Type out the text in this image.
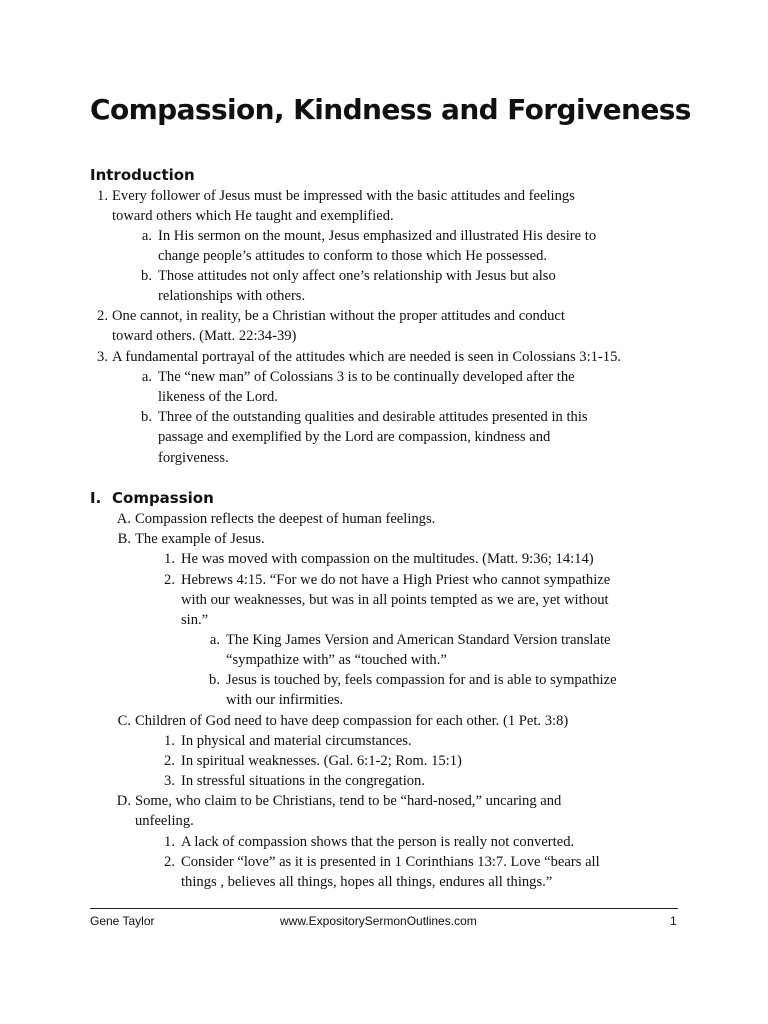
Compassion, Kindness and Forgiveness
Introduction

1. Every follower of Jesus must be impressed with the basic attitudes and feelings

toward others which He taught and exemplified.

a. In His sermon on the mount, Jesus emphasized and illustrated His desire to

change people’s attitudes to conform to those which He possessed.

b. Those attitudes not only affect one’s relationship with Jesus but also

relationships with others.

2. One cannot, in reality, be a Christian without the proper attitudes and conduct

toward others. (Matt. 22:34-39)

3. A fundamental portrayal of the attitudes which are needed is seen in Colossians 3:1-15.

a. The “new man” of Colossians 3 is to be continually developed after the

likeness of the Lord.

b. Three of the outstanding qualities and desirable attitudes presented in this

passage and exemplified by the Lord are compassion, kindness and

forgiveness.

I. Compassion

A. Compassion reflects the deepest of human feelings.

B. The example of Jesus.

1. He was moved with compassion on the multitudes. (Matt. 9:36; 14:14)

2. Hebrews 4:15. “For we do not have a High Priest who cannot sympathize

with our weaknesses, but was in all points tempted as we are, yet without

sin.”

a. The King James Version and American Standard Version translate

“sympathize with” as “touched with.”

b. Jesus is touched by, feels compassion for and is able to sympathize

with our infirmities.

C. Children of God need to have deep compassion for each other. (1 Pet. 3:8)

1. In physical and material circumstances.

2. In spiritual weaknesses. (Gal. 6:1-2; Rom. 15:1)

3. In stressful situations in the congregation.

D. Some, who claim to be Christians, tend to be “hard-nosed,” uncaring and

unfeeling.

1. A lack of compassion shows that the person is really not converted.

2. Consider “love” as it is presented in 1 Corinthians 13:7. Love “bears all

things , believes all things, hopes all things, endures all things.”

Gene Taylor	www.ExpositorySermonOutlines.com	1
